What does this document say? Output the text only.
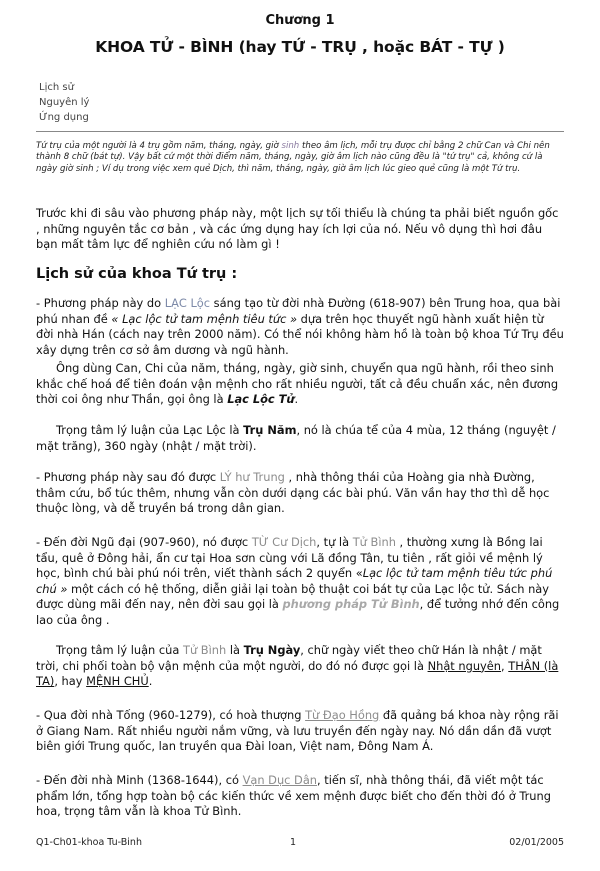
Chương 1
KHOA TỬ - BÌNH (hay TỨ - TRỤ , hoặc BÁT - TỰ )
Lịch sử
Nguyên lý
Ứng dụng
Tứ trụ của một người là 4 trụ gồm năm, tháng, ngày, giờ sinh theo âm lịch, mỗi trụ được chỉ bằng 2 chữ Can và Chi nên thành 8 chữ (bát tự). Vậy bất cứ một thời điểm năm, tháng, ngày, giờ âm lịch nào cũng đều là "tứ trụ" cả, không cứ là ngày giờ sinh ; Ví dụ trong việc xem quẻ Dịch, thì năm, tháng, ngày, giờ âm lịch lúc gieo quẻ cũng là một Tứ trụ.
Trước khi đi sâu vào phương pháp này, một lịch sự tối thiểu là chúng ta phải biết nguồn gốc , những nguyên tắc cơ bản , và các ứng dụng hay ích lợi của nó. Nếu vô dụng thì hơi đâu bạn mất tâm lực để nghiên cứu nó làm gì !
Lịch sử của khoa Tứ trụ :
- Phương pháp này do LẠC Lộc sáng tạo từ đời nhà Đường (618-907) bên Trung hoa, qua bài phú nhan đề « Lạc lộc tử tam mệnh tiêu tức » dựa trên học thuyết ngũ hành xuất hiện từ đời nhà Hán (cách nay trên 2000 năm). Có thể nói không hàm hồ là toàn bộ khoa Tứ Trụ đều xây dựng trên cơ sở âm dương và ngũ hành.
Ông dùng Can, Chi của năm, tháng, ngày, giờ sinh, chuyển qua ngũ hành, rồi theo sinh khắc chế hoá để tiên đoán vận mệnh cho rất nhiều người, tất cả đều chuẩn xác, nên đương thời coi ông như Thần, gọi ông là Lạc Lộc Tử.
Trọng tâm lý luận của Lạc Lộc là Trụ Năm, nó là chúa tể của 4 mùa, 12 tháng (nguyệt / mặt trăng), 360 ngày (nhật / mặt trời).
- Phương pháp này sau đó được LÝ hư Trung , nhà thông thái của Hoàng gia nhà Đường, thâm cứu, bổ túc thêm, nhưng vẫn còn dưới dạng các bài phú. Văn vần hay thơ thì dễ học thuộc lòng, và dễ truyền bá trong dân gian.
- Đến đời Ngũ đại (907-960), nó được TỪ Cư Dịch, tự là Tử Bình , thường xưng là Bồng lai tẩu, quê ở Đông hải, ẩn cư tại Hoa sơn cùng với Lã đồng Tân, tu tiên , rất giỏi về mệnh lý học, bình chú bài phú nói trên, viết thành sách 2 quyển «Lạc lộc tử tam mệnh tiêu tức phú chú » một cách có hệ thống, diễn giải lại toàn bộ thuật coi bát tự của Lạc lộc tử. Sách này được dùng mãi đến nay, nên đời sau gọi là phương pháp Tử Bình, để tưởng nhớ đến công lao của ông .
Trọng tâm lý luận của Tử Bình là Trụ Ngày, chữ ngày viết theo chữ Hán là nhật / mặt trời, chi phối toàn bộ vận mệnh của một người, do đó nó được gọi là Nhật nguyên, THÂN (là TA), hay MỆNH CHỦ.
- Qua đời nhà Tống (960-1279), có hoà thượng Từ Đạo Hồng đã quảng bá khoa này rộng rãi ở Giang Nam. Rất nhiều người nắm vững, và lưu truyền đến ngày nay. Nó dần dần đã vượt biên giới Trung quốc, lan truyền qua Đài loan, Việt nam, Đông Nam Á.
- Đến đời nhà Minh (1368-1644), có Vạn Dục Dân, tiến sĩ, nhà thông thái, đã viết một tác phẩm lớn, tổng hợp toàn bộ các kiến thức về xem mệnh được biết cho đến thời đó ở Trung hoa, trọng tâm vẫn là khoa Tử Bình.
Q1-Ch01-khoa Tu-Binh	1	02/01/2005
